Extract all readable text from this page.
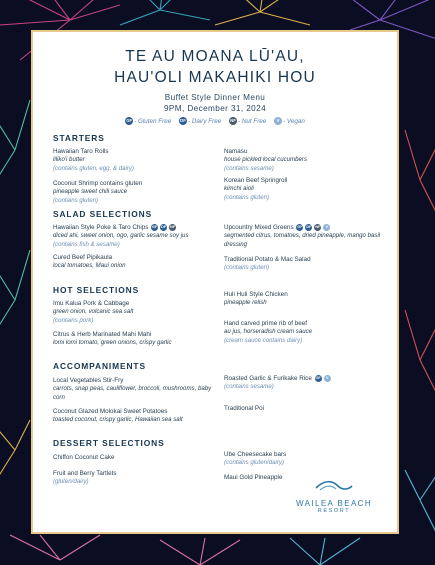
TE AU MOANA LŪ'AU,
HAU'OLI MAKAHIKI HOU
Buffet Style Dinner Menu
9PM, December 31, 2024
GF - Gluten Free DF - Dairy Free NF - Nut Free V - Vegan
STARTERS
Hawaiian Taro Rolls
liliko'i butter
(contains gluten, egg, & dairy)
Coconut Shrimp contains gluten
pineapple sweet chili sauce
(contains gluten)
Namasu
house pickled local cucumbers
(contains sesame)
Korean Beef Springroll
kimchi aioli
(contains gluten)
SALAD SELECTIONS
Hawaiian Style Poke & Taro Chips GF DF NF
diced ahi, sweet onion, ogo, garlic sesame soy jus
(contains fish & sesame)
Cured Beef Pipikaula
local tomatoes, Maui onion
Upcountry Mixed Greens GF DF NF V
segmented citrus, tomatoes, dried pineapple, mango basil dressing
Traditional Potato & Mac Salad
(contains gluten)
HOT SELECTIONS
Imu Kalua Pork & Cabbage
green onion, volcanic sea salt
(contains pork)
Citrus & Herb Marinated Mahi Mahi
lomi lomi tomato, green onions, crispy garlic
Huli Huli Style Chicken
pineapple relish
Hand carved prime rib of beef
au jus, horseradish cream sauce
(cream sauce contains dairy)
ACCOMPANIMENTS
Local Vegetables Stir-Fry
carrots, snap peas, cauliflower, broccoli, mushrooms, baby corn
Coconut Glazed Molokai Sweet Potatoes
toasted coconut, crispy garlic, Hawaiian sea salt
Roasted Garlic & Furikake Rice GF V
(contains sesame)
Traditional Poi
DESSERT SELECTIONS
Chiffon Coconut Cake
Fruit and Berry Tartlets
(gluten/dairy)
Ube Cheesecake bars
(contains gluten/dairy)
Maui Gold Pineapple
WAILEA BEACH
RESORT
